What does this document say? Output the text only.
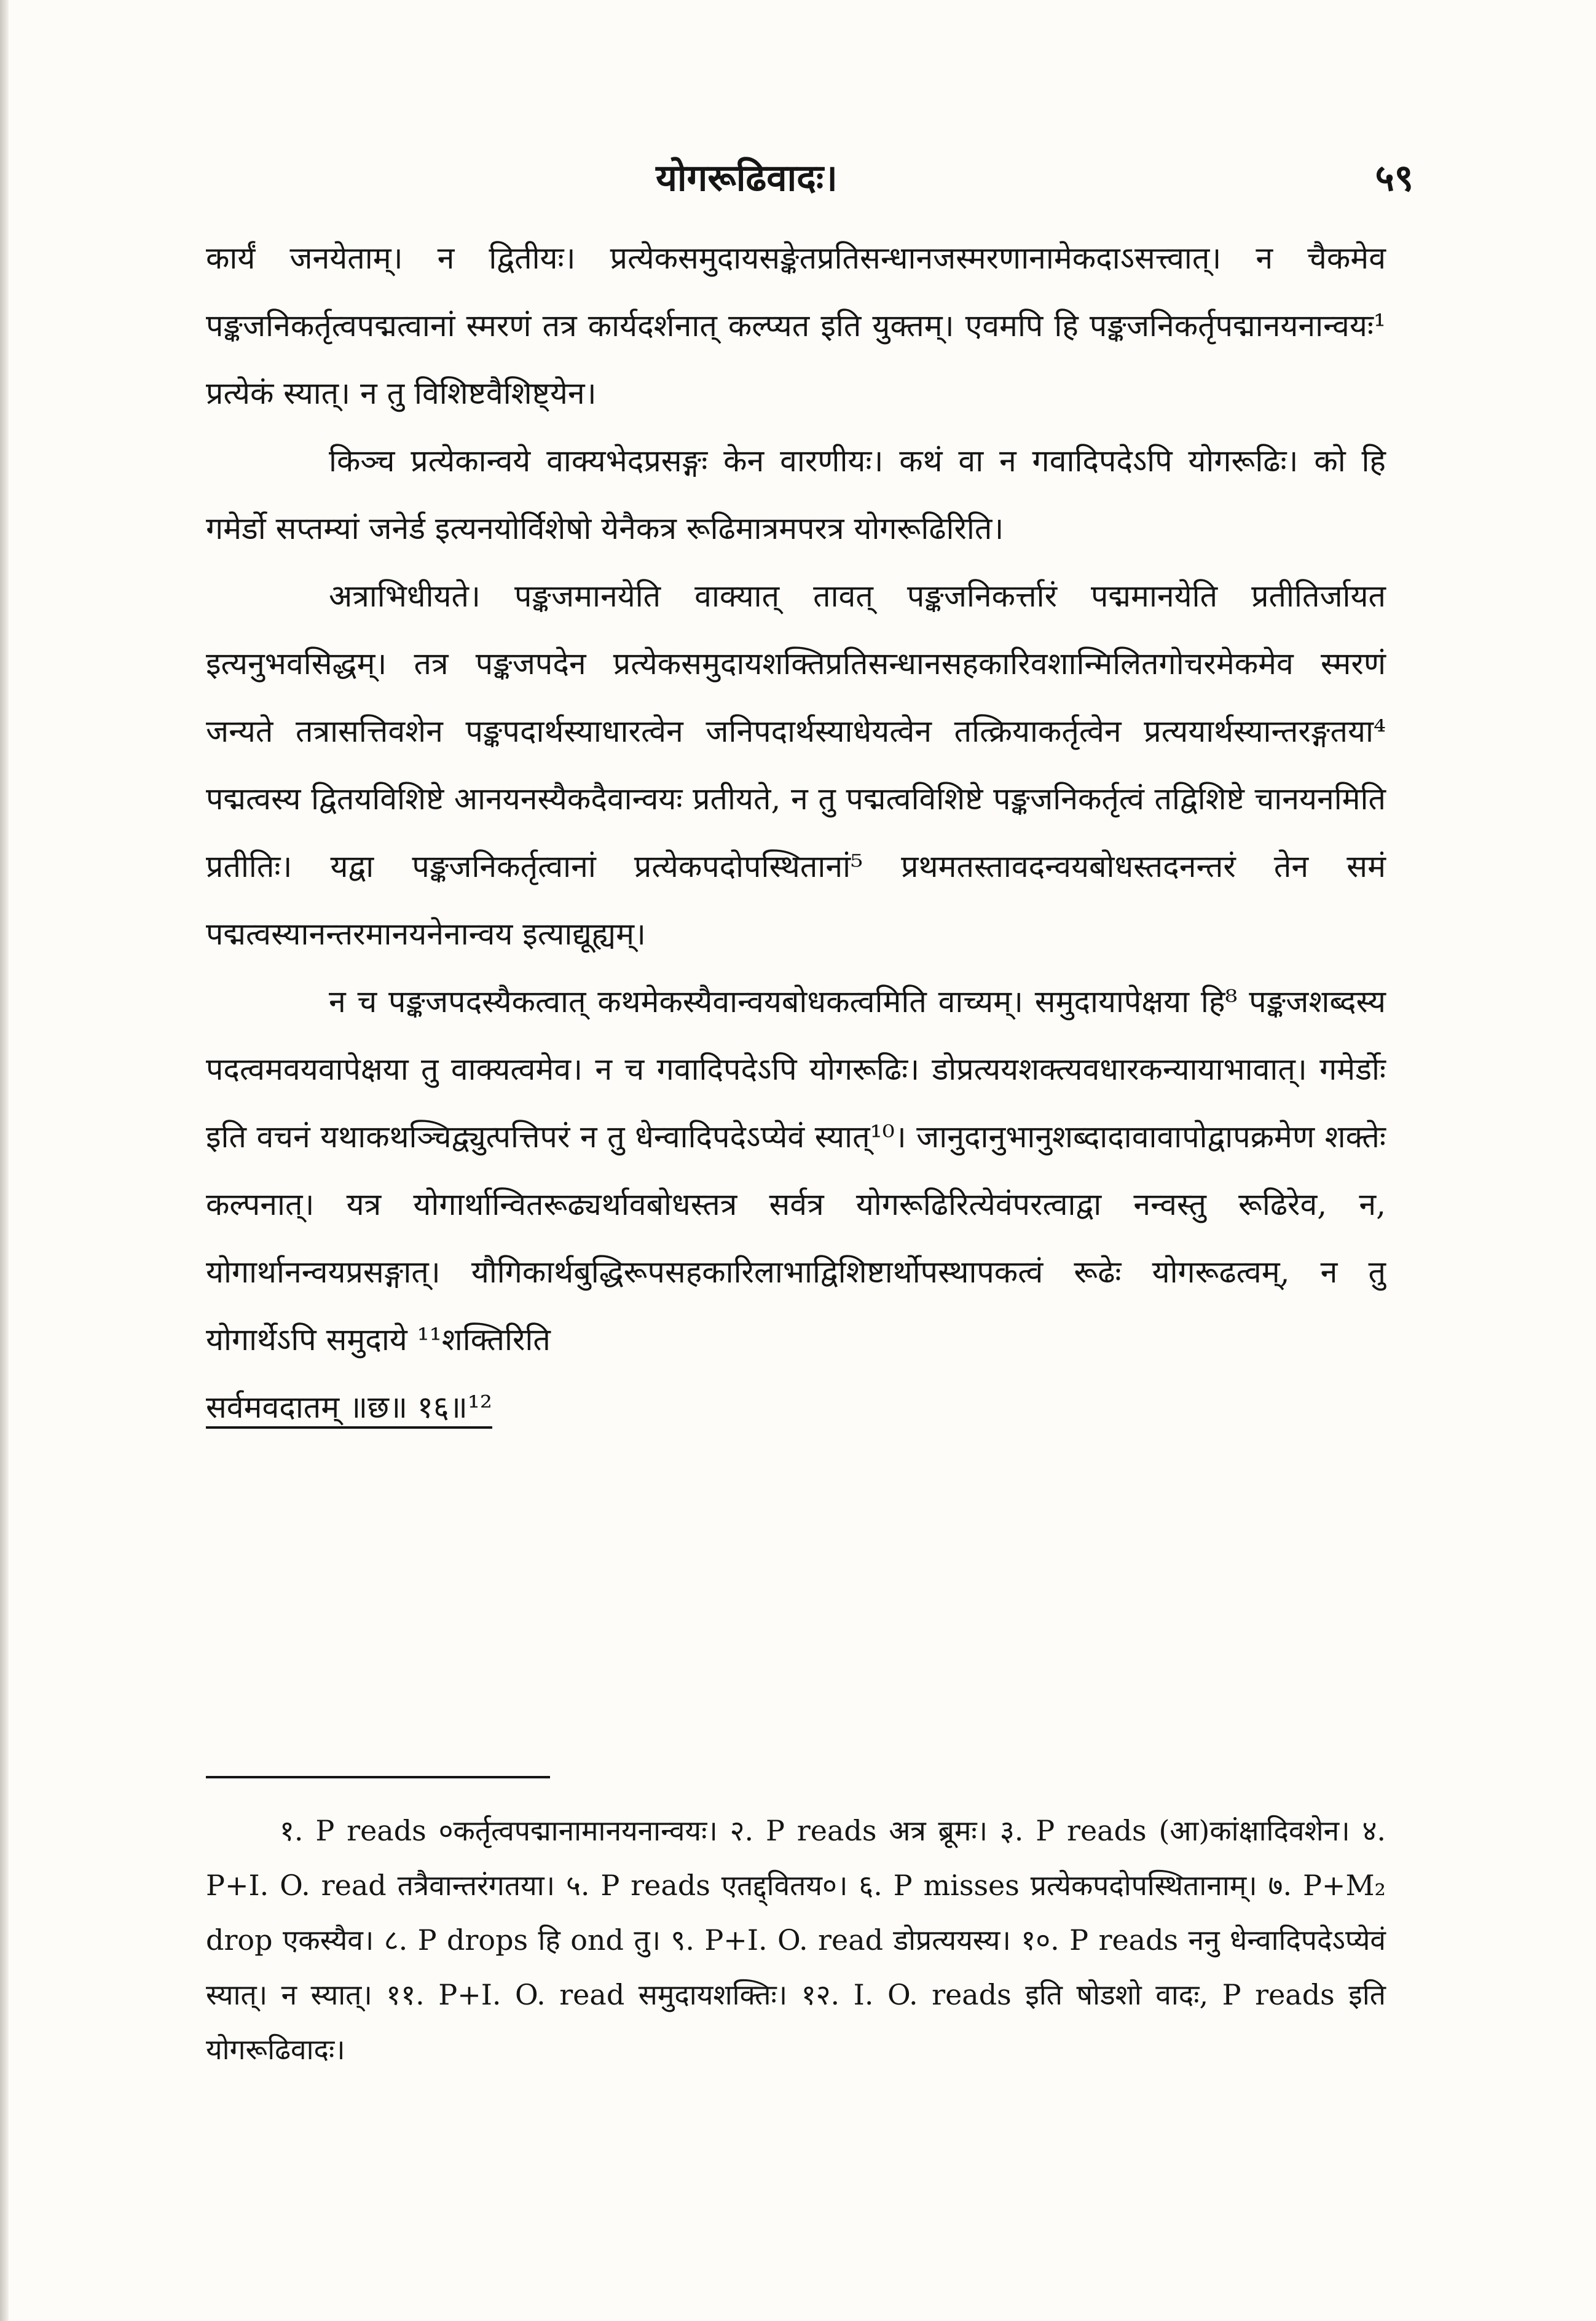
योगरूढिवादः।	५९

कार्यं जनयेताम्। न द्वितीयः। प्रत्येकसमुदायसङ्केतप्रतिसन्धानजस्मरणानामेकदाऽसत्त्वात्। न चैकमेव पङ्कजनिकर्तृत्वपद्मत्वानां स्मरणं तत्र कार्यदर्शनात् कल्प्यत इति युक्तम्। एवमपि हि पङ्कजनिकर्तृपद्मानयनान्वयः¹ प्रत्येकं स्यात्। न तु विशिष्टवैशिष्ट्येन।

किञ्च प्रत्येकान्वये वाक्यभेदप्रसङ्गः केन वारणीयः। कथं वा न गवादिपदेऽपि योगरूढिः। को हि गमेर्डो सप्तम्यां जनेर्ड इत्यनयोर्विशेषो येनैकत्र रूढिमात्रमपरत्र योगरूढिरिति।

अत्राभिधीयते। पङ्कजमानयेति वाक्यात् तावत् पङ्कजनिकर्त्तारं पद्ममानयेति प्रतीतिर्जायत इत्यनुभवसिद्धम्। तत्र पङ्कजपदेन प्रत्येकसमुदायशक्तिप्रतिसन्धानसहकारिवशान्मिलितगोचरमेकमेव स्मरणं जन्यते तत्रासत्तिवशेन पङ्कपदार्थस्याधारत्वेन जनिपदार्थस्याधेयत्वेन तत्क्रियाकर्तृत्वेन प्रत्ययार्थस्यान्तरङ्गतया⁴ पद्मत्वस्य द्वितयविशिष्टे आनयनस्यैकदैवान्वयः प्रतीयते, न तु पद्मत्वविशिष्टे पङ्कजनिकर्तृत्वं तद्विशिष्टे चानयनमिति प्रतीतिः। यद्वा पङ्कजनिकर्तृत्वानां प्रत्येकपदोपस्थितानां⁵ प्रथमतस्तावदन्वयबोधस्तदनन्तरं तेन समं पद्मत्वस्यानन्तरमानयनेनान्वय इत्याद्यूह्यम्।

न च पङ्कजपदस्यैकत्वात् कथमेकस्यैवान्वयबोधकत्वमिति वाच्यम्। समुदायापेक्षया हि⁸ पङ्कजशब्दस्य पदत्वमवयवापेक्षया तु वाक्यत्वमेव। न च गवादिपदेऽपि योगरूढिः। डोप्रत्ययशक्त्यवधारकन्यायाभावात्। गमेर्डोः इति वचनं यथाकथञ्चिद्व्युत्पत्तिपरं न तु धेन्वादिपदेऽप्येवं स्यात्¹⁰। जानुदानुभानुशब्दादावावापोद्वापक्रमेण शक्तेः कल्पनात्। यत्र योगार्थान्वितरूढ्यर्थावबोधस्तत्र सर्वत्र योगरूढिरित्येवंपरत्वाद्वा नन्वस्तु रूढिरेव, न, योगार्थानन्वयप्रसङ्गात्। यौगिकार्थबुद्धिरूपसहकारिलाभाद्विशिष्टार्थोपस्थापकत्वं रूढेः योगरूढत्वम्, न तु योगार्थेऽपि समुदाये ¹¹शक्तिरिति

सर्वमवदातम् ॥छ॥ १६॥¹²

१. P reads ०कर्तृत्वपद्मानामानयनान्वयः। २. P reads अत्र ब्रूमः। ३. P reads (आ)कांक्षादिवशेन। ४. P+I. O. read तत्रैवान्तरंगतया। ५. P reads एतद्द्वितय०। ६. P misses प्रत्येकपदोपस्थितानाम्। ७. P+M₂ drop एकस्यैव। ८. P drops हि ond तु। ९. P+I. O. read डोप्रत्ययस्य। १०. P reads ननु धेन्वादिपदेऽप्येवं स्यात्। न स्यात्। ११. P+I. O. read समुदायशक्तिः। १२. I. O. reads इति षोडशो वादः, P reads इति योगरूढिवादः।
